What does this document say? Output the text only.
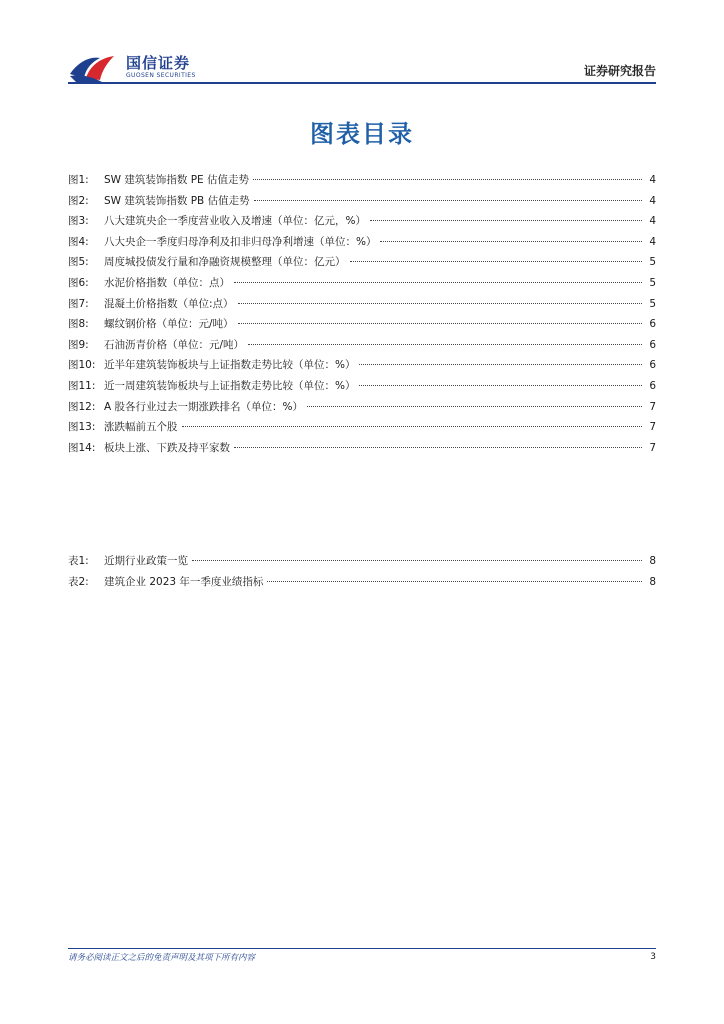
国信证券
GUOSEN SECURITIES	证券研究报告
图表目录
图1:	SW 建筑装饰指数 PE 估值走势	4
图2:	SW 建筑装饰指数 PB 估值走势	4
图3:	八大建筑央企一季度营业收入及增速（单位：亿元，%）	4
图4:	八大央企一季度归母净利及扣非归母净利增速（单位：%）	4
图5:	周度城投债发行量和净融资规模整理（单位：亿元）	5
图6:	水泥价格指数（单位：点）	5
图7:	混凝土价格指数（单位:点）	5
图8:	螺纹钢价格（单位：元/吨）	6
图9:	石油沥青价格（单位：元/吨）	6
图10: 近半年建筑装饰板块与上证指数走势比较（单位：%）	6
图11: 近一周建筑装饰板块与上证指数走势比较（单位：%）	6
图12: A 股各行业过去一期涨跌排名（单位：%）	7
图13: 涨跌幅前五个股	7
图14: 板块上涨、下跌及持平家数	7
表1:	近期行业政策一览	8
表2:	建筑企业 2023 年一季度业绩指标	8
请务必阅读正文之后的免责声明及其项下所有内容	3
